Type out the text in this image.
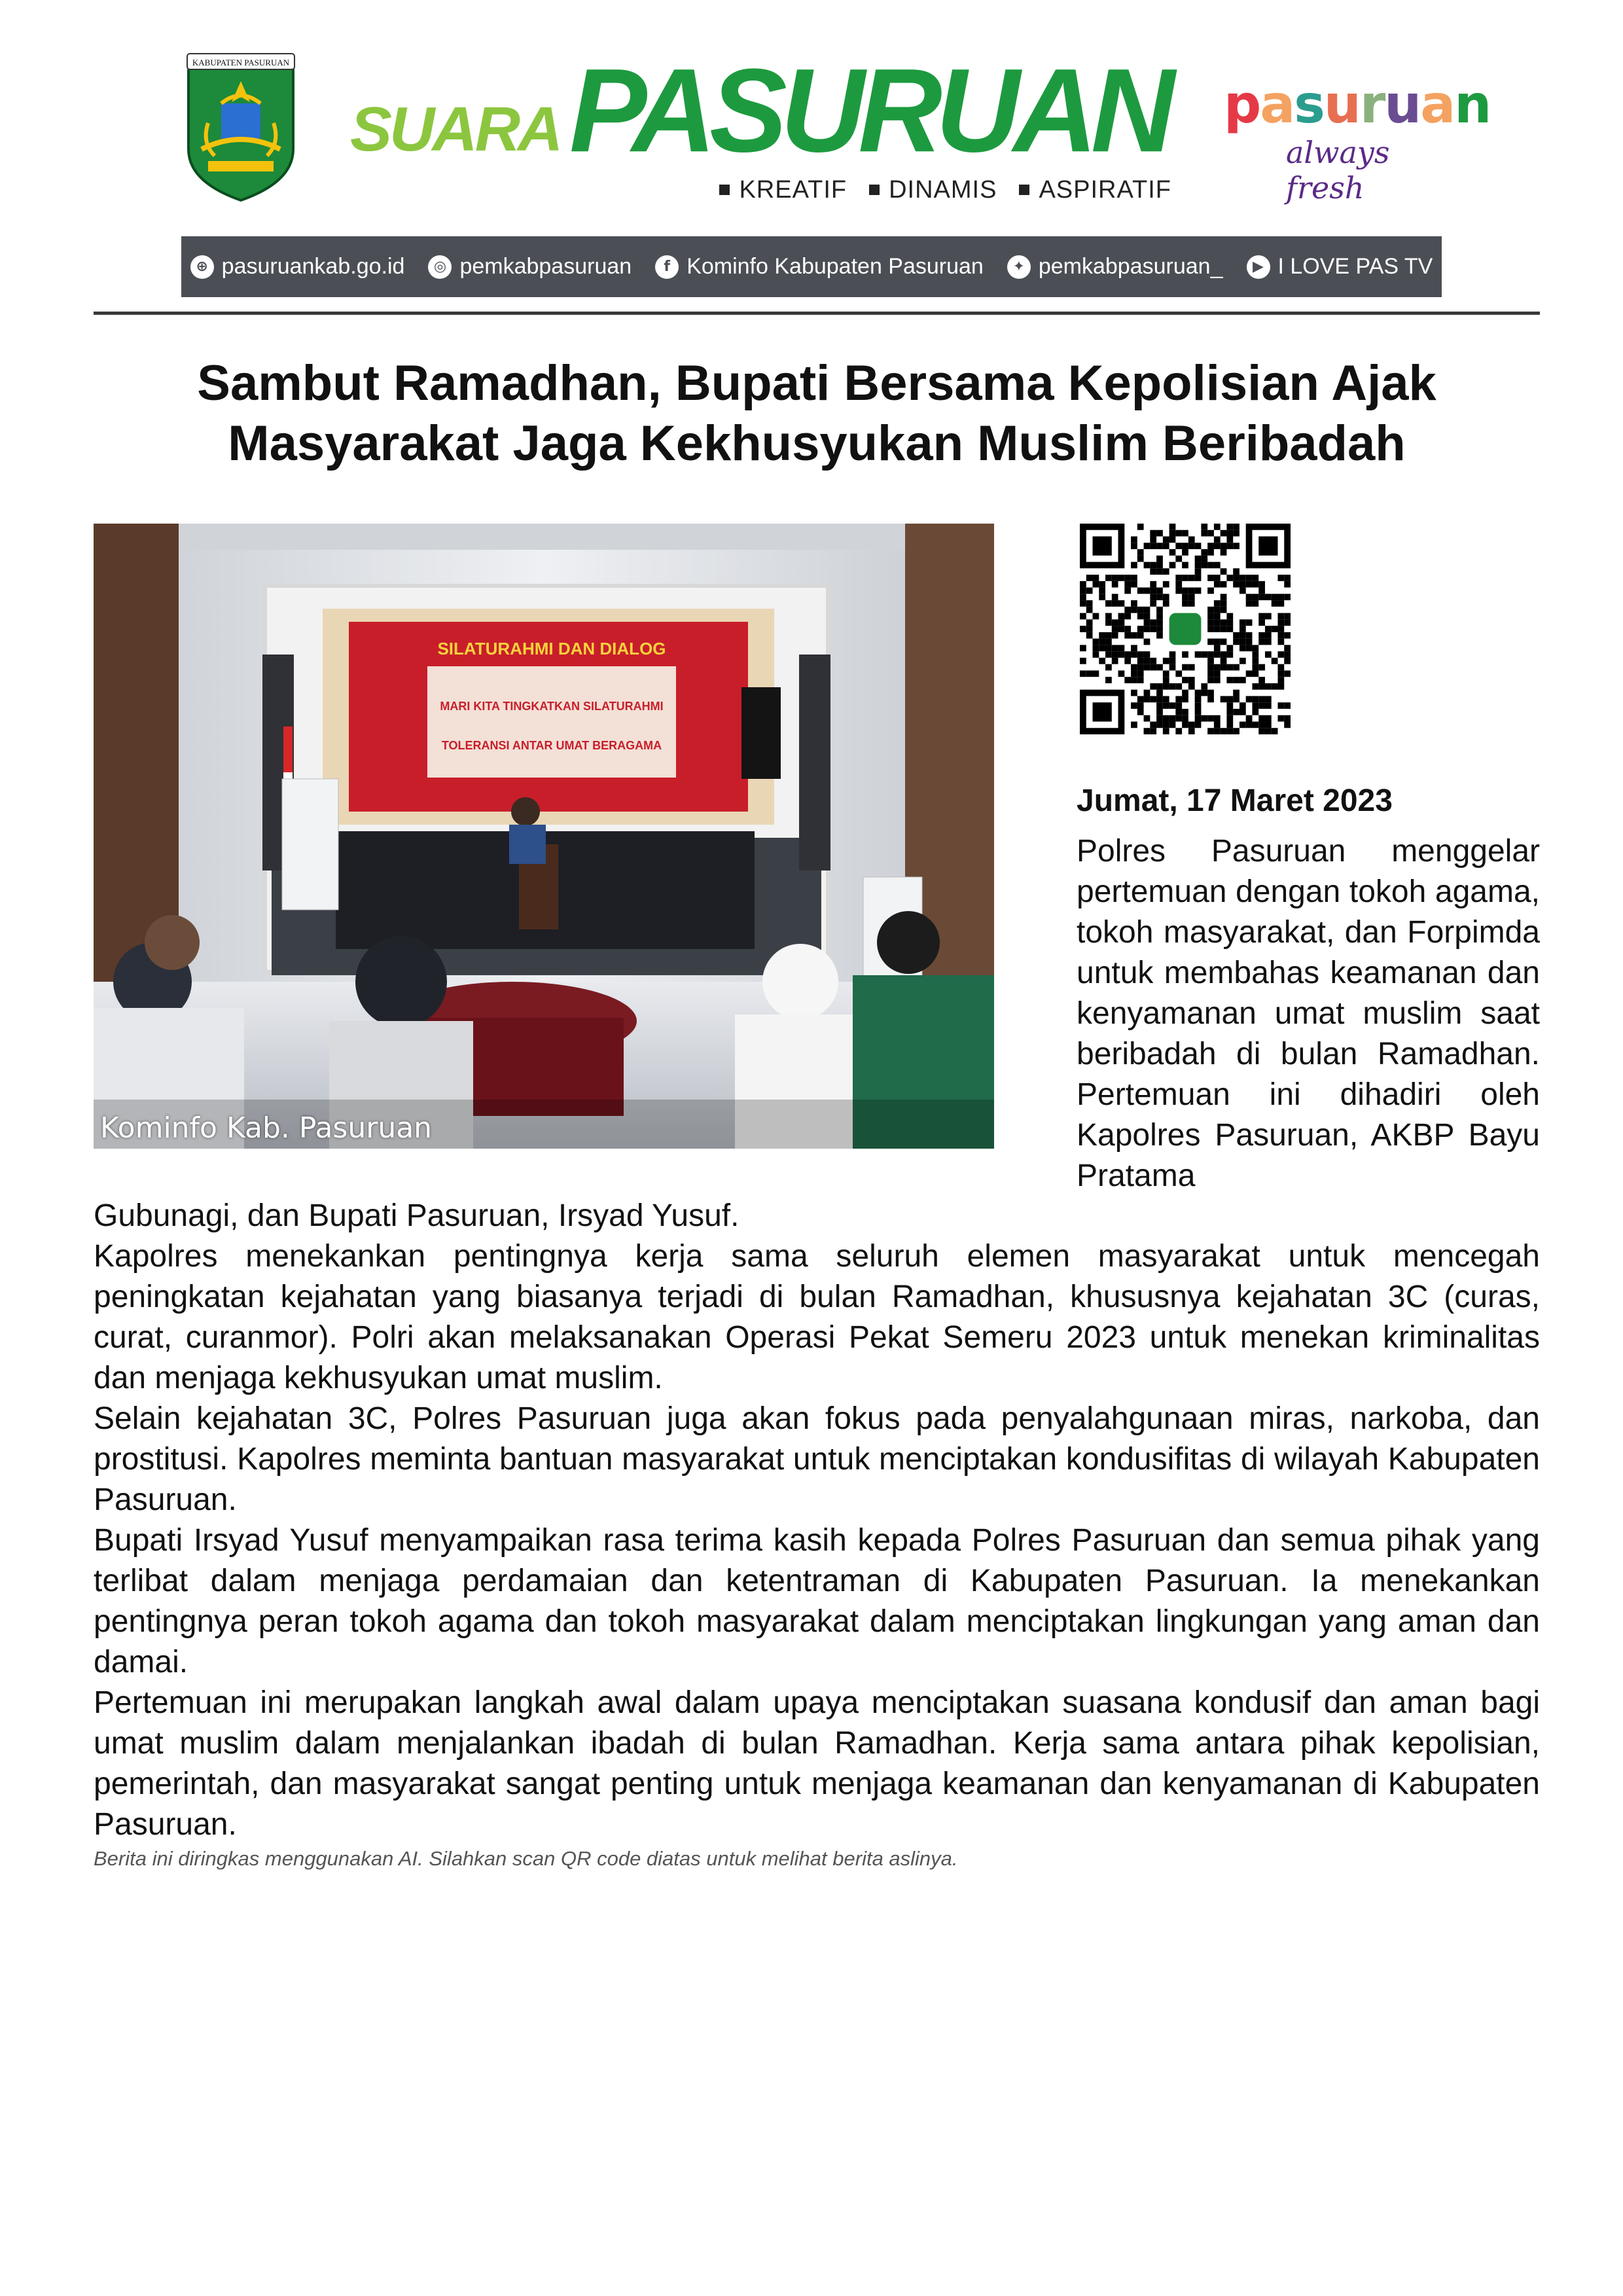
KABUPATEN PASURUAN
SUARA PASURUAN
KREATIF DINAMIS ASPIRATIF
pasuruan
always fresh
⊕ pasuruankab.go.id	◎ pemkabpasuruan	f Kominfo Kabupaten Pasuruan	✦ pemkabpasuruan_	▶ I LOVE PAS TV
Sambut Ramadhan, Bupati Bersama Kepolisian Ajak
Masyarakat Jaga Kekhusyukan Muslim Beribadah
SILATURAHMI DAN DIALOG
MARI KITA TINGKATKAN SILATURAHMI
TOLERANSI ANTAR UMAT BERAGAMA
Kominfo Kab. Pasuruan
Jumat, 17 Maret 2023
Polres Pasuruan menggelar pertemuan dengan tokoh agama, tokoh masyarakat, dan Forpimda untuk membahas keamanan dan kenyamanan umat muslim saat beribadah di bulan Ramadhan. Pertemuan ini dihadiri oleh Kapolres Pasuruan, AKBP Bayu Pratama
Gubunagi, dan Bupati Pasuruan, Irsyad Yusuf.
Kapolres menekankan pentingnya kerja sama seluruh elemen masyarakat untuk mencegah peningkatan kejahatan yang biasanya terjadi di bulan Ramadhan, khususnya kejahatan 3C (curas, curat, curanmor). Polri akan melaksanakan Operasi Pekat Semeru 2023 untuk menekan kriminalitas dan menjaga kekhusyukan umat muslim.
Selain kejahatan 3C, Polres Pasuruan juga akan fokus pada penyalahgunaan miras, narkoba, dan prostitusi. Kapolres meminta bantuan masyarakat untuk menciptakan kondusifitas di wilayah Kabupaten Pasuruan.
Bupati Irsyad Yusuf menyampaikan rasa terima kasih kepada Polres Pasuruan dan semua pihak yang terlibat dalam menjaga perdamaian dan ketentraman di Kabupaten Pasuruan. Ia menekankan pentingnya peran tokoh agama dan tokoh masyarakat dalam menciptakan lingkungan yang aman dan damai.
Pertemuan ini merupakan langkah awal dalam upaya menciptakan suasana kondusif dan aman bagi umat muslim dalam menjalankan ibadah di bulan Ramadhan. Kerja sama antara pihak kepolisian, pemerintah, dan masyarakat sangat penting untuk menjaga keamanan dan kenyamanan di Kabupaten Pasuruan.
Berita ini diringkas menggunakan AI. Silahkan scan QR code diatas untuk melihat berita aslinya.
